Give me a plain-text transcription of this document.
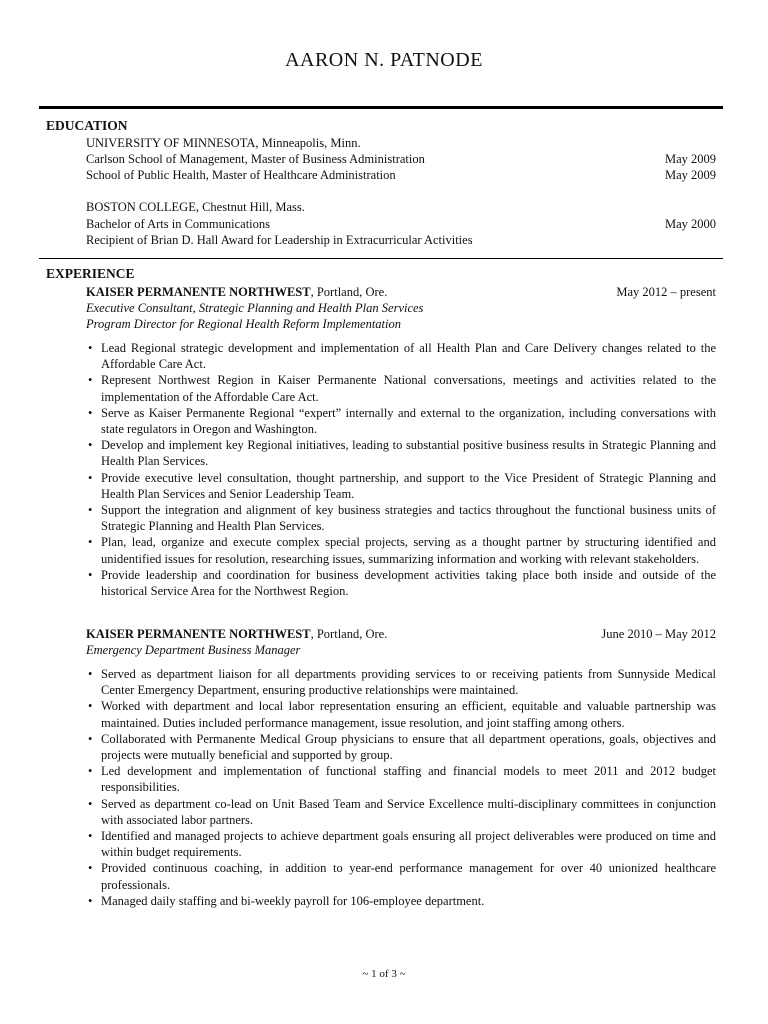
AARON N. PATNODE
EDUCATION
UNIVERSITY OF MINNESOTA, Minneapolis, Minn.
Carlson School of Management, Master of Business Administration	May 2009
School of Public Health, Master of Healthcare Administration	May 2009
BOSTON COLLEGE, Chestnut Hill, Mass.
Bachelor of Arts in Communications	May 2000
Recipient of Brian D. Hall Award for Leadership in Extracurricular Activities
EXPERIENCE
KAISER PERMANENTE NORTHWEST, Portland, Ore.	May 2012 – present
Executive Consultant, Strategic Planning and Health Plan Services
Program Director for Regional Health Reform Implementation
• Lead Regional strategic development and implementation of all Health Plan and Care Delivery changes related to the Affordable Care Act.
• Represent Northwest Region in Kaiser Permanente National conversations, meetings and activities related to the implementation of the Affordable Care Act.
• Serve as Kaiser Permanente Regional “expert” internally and external to the organization, including conversations with state regulators in Oregon and Washington.
• Develop and implement key Regional initiatives, leading to substantial positive business results in Strategic Planning and Health Plan Services.
• Provide executive level consultation, thought partnership, and support to the Vice President of Strategic Planning and Health Plan Services and Senior Leadership Team.
• Support the integration and alignment of key business strategies and tactics throughout the functional business units of Strategic Planning and Health Plan Services.
• Plan, lead, organize and execute complex special projects, serving as a thought partner by structuring identified and unidentified issues for resolution, researching issues, summarizing information and working with relevant stakeholders.
• Provide leadership and coordination for business development activities taking place both inside and outside of the historical Service Area for the Northwest Region.
KAISER PERMANENTE NORTHWEST, Portland, Ore.	June 2010 – May 2012
Emergency Department Business Manager
• Served as department liaison for all departments providing services to or receiving patients from Sunnyside Medical Center Emergency Department, ensuring productive relationships were maintained.
• Worked with department and local labor representation ensuring an efficient, equitable and valuable partnership was maintained. Duties included performance management, issue resolution, and joint staffing among others.
• Collaborated with Permanente Medical Group physicians to ensure that all department operations, goals, objectives and projects were mutually beneficial and supported by group.
• Led development and implementation of functional staffing and financial models to meet 2011 and 2012 budget responsibilities.
• Served as department co-lead on Unit Based Team and Service Excellence multi-disciplinary committees in conjunction with associated labor partners.
• Identified and managed projects to achieve department goals ensuring all project deliverables were produced on time and within budget requirements.
• Provided continuous coaching, in addition to year-end performance management for over 40 unionized healthcare professionals.
• Managed daily staffing and bi-weekly payroll for 106-employee department.
~ 1 of 3 ~
